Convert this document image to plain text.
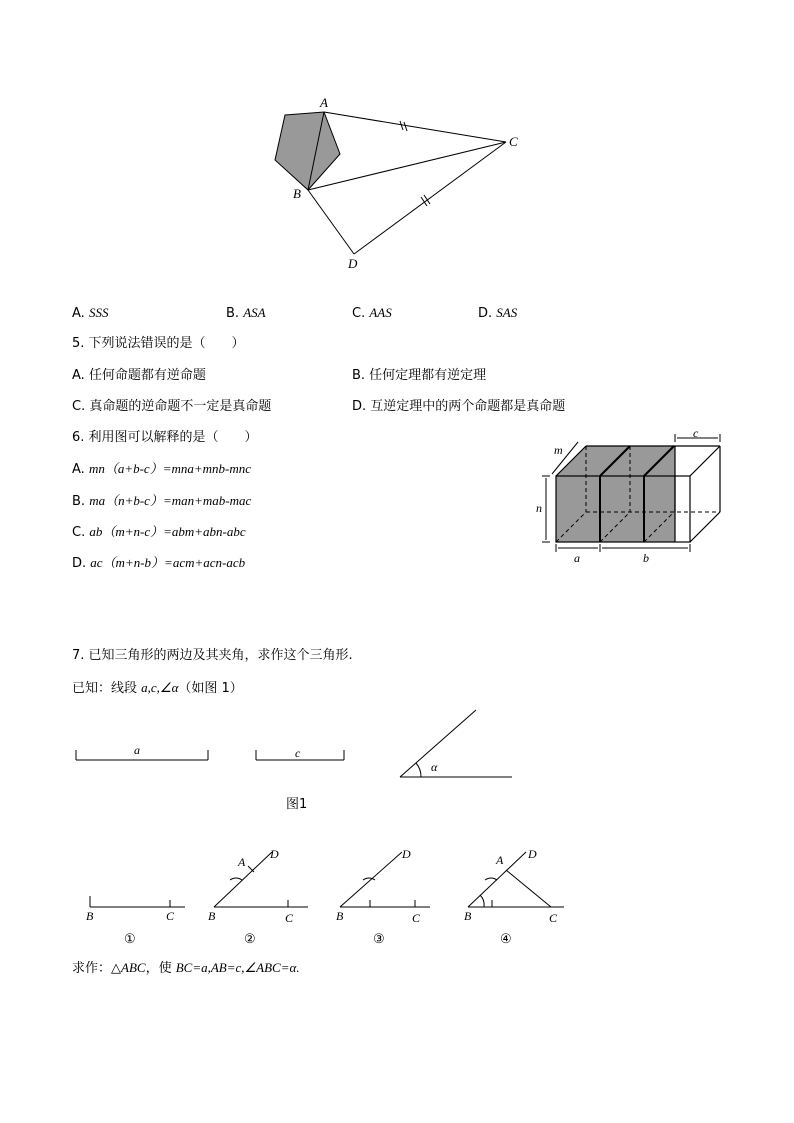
A
B
C
D
A. SSS	B. ASA	C. AAS	D. SAS
5. 下列说法错误的是（　　）
A. 任何命题都有逆命题	B. 任何定理都有逆定理
C. 真命题的逆命题不一定是真命题	D. 互逆定理中的两个命题都是真命题
6. 利用图可以解释的是（　　）
A. mn（a+b-c）=mna+mnb-mnc
B. ma（n+b-c）=man+mab-mac
C. ab（m+n-c）=abm+abn-abc
D. ac（m+n-b）=acm+acn-acb
m
n
a	b
c
7. 已知三角形的两边及其夹角，求作这个三角形.
已知：线段 a,c,∠α（如图 1）
a	c
α
图1
B	C
A
D
B	C
D
B	C
A D
B	C
①	②	③	④
求作：△ABC，使 BC=a,AB=c,∠ABC=α.
